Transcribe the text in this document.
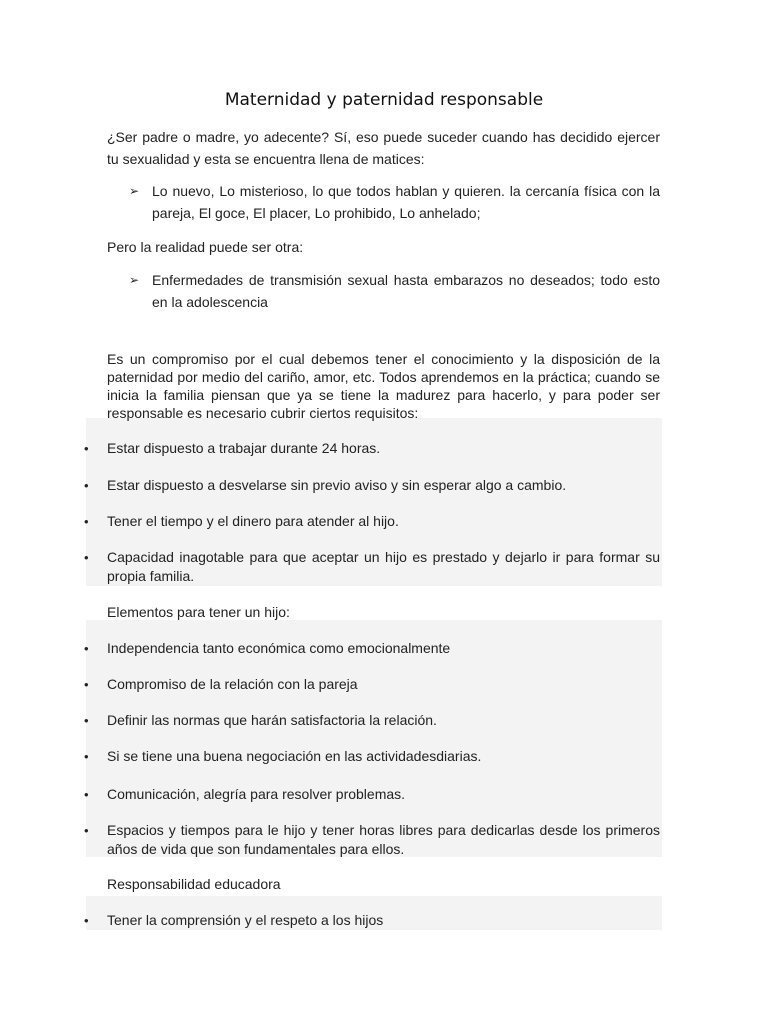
Maternidad y paternidad responsable
¿Ser padre o madre, yo adecente? Sí, eso puede suceder cuando has decidido ejercer tu sexualidad y esta se encuentra llena de matices:
➢ Lo nuevo, Lo misterioso, lo que todos hablan y quieren. la cercanía física con la pareja, El goce, El placer, Lo prohibido, Lo anhelado;
Pero la realidad puede ser otra:
➢ Enfermedades de transmisión sexual hasta embarazos no deseados; todo esto en la adolescencia
Es un compromiso por el cual debemos tener el conocimiento y la disposición de la paternidad por medio del cariño, amor, etc. Todos aprendemos en la práctica; cuando se inicia la familia piensan que ya se tiene la madurez para hacerlo, y para poder ser responsable es necesario cubrir ciertos requisitos:
• Estar dispuesto a trabajar durante 24 horas.
• Estar dispuesto a desvelarse sin previo aviso y sin esperar algo a cambio.
• Tener el tiempo y el dinero para atender al hijo.
• Capacidad inagotable para que aceptar un hijo es prestado y dejarlo ir para formar su propia familia.
Elementos para tener un hijo:
• Independencia tanto económica como emocionalmente
• Compromiso de la relación con la pareja
• Definir las normas que harán satisfactoria la relación.
• Si se tiene una buena negociación en las actividadesdiarias.
• Comunicación, alegría para resolver problemas.
• Espacios y tiempos para le hijo y tener horas libres para dedicarlas desde los primeros años de vida que son fundamentales para ellos.
Responsabilidad educadora
• Tener la comprensión y el respeto a los hijos
